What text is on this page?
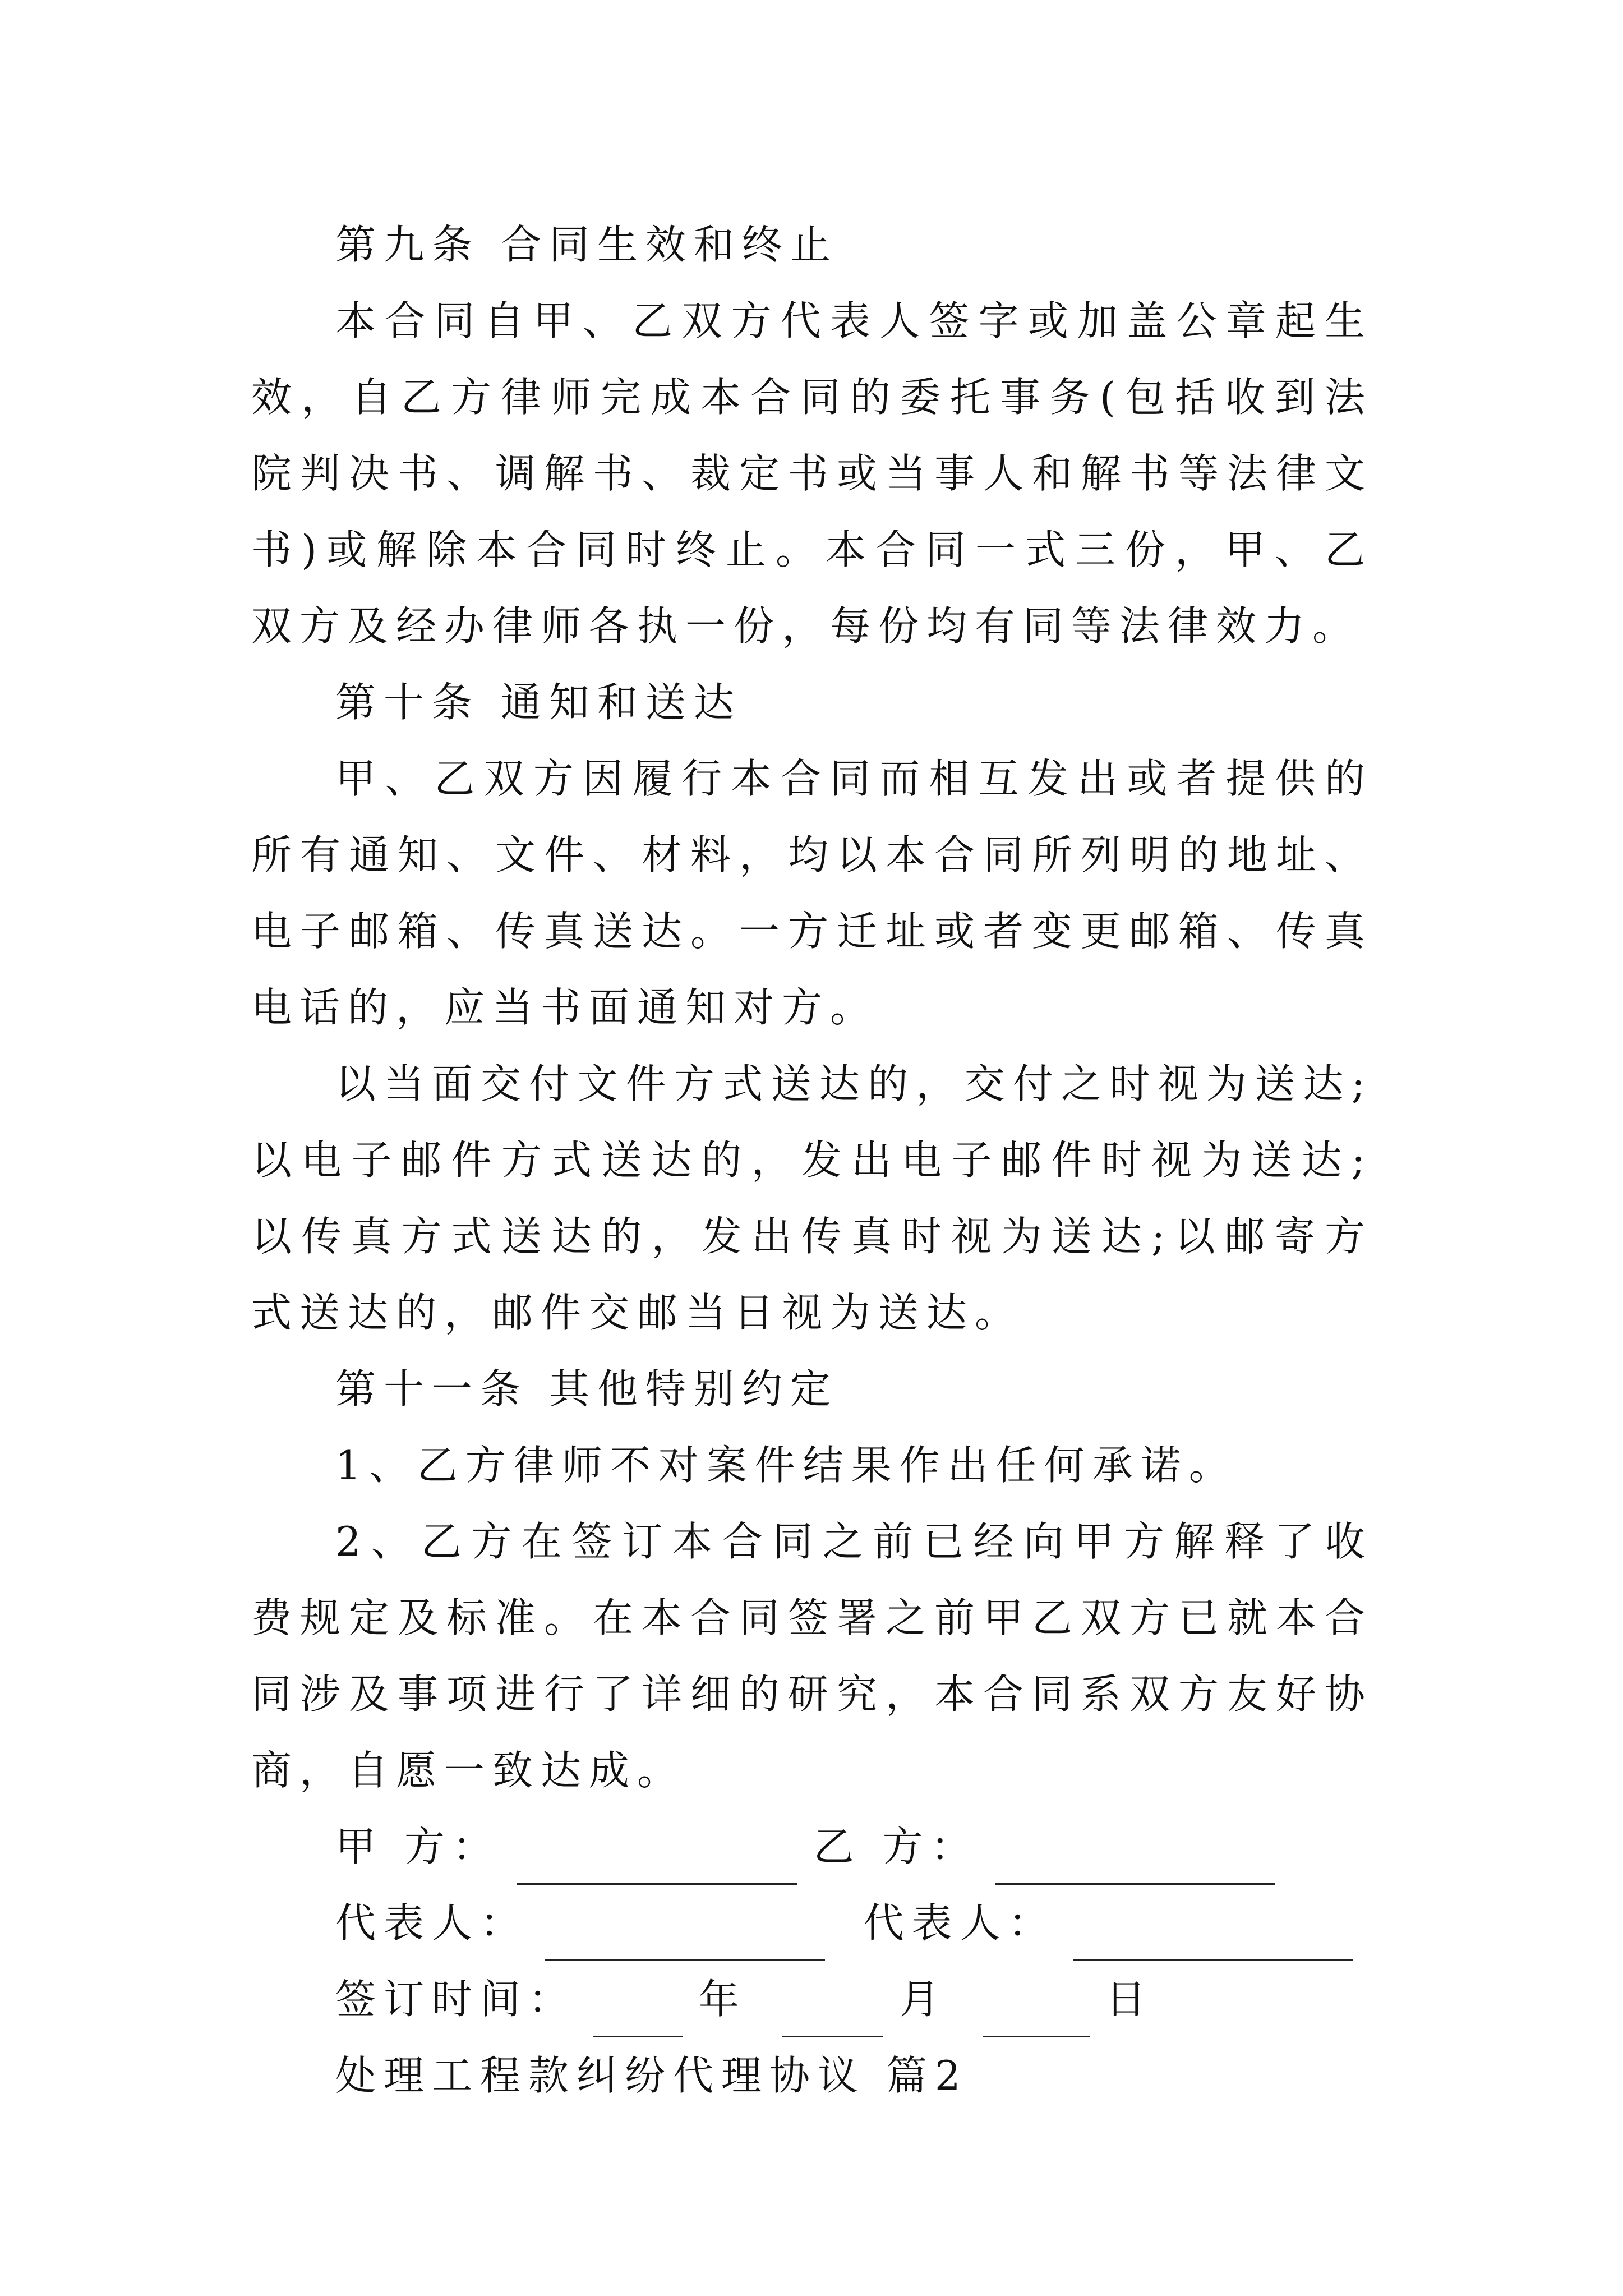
第九条 合同生效和终止
本合同自甲、乙双方代表人签字或加盖公章起生效，自乙方律师完成本合同的委托事务(包括收到法院判决书、调解书、裁定书或当事人和解书等法律文书)或解除本合同时终止。本合同一式三份，甲、乙双方及经办律师各执一份，每份均有同等法律效力。
第十条 通知和送达
甲、乙双方因履行本合同而相互发出或者提供的所有通知、文件、材料，均以本合同所列明的地址、电子邮箱、传真送达。一方迁址或者变更邮箱、传真电话的，应当书面通知对方。
以当面交付文件方式送达的，交付之时视为送达;以电子邮件方式送达的，发出电子邮件时视为送达;以传真方式送达的，发出传真时视为送达;以邮寄方式送达的，邮件交邮当日视为送达。
第十一条 其他特别约定
1、乙方律师不对案件结果作出任何承诺。
2、乙方在签订本合同之前已经向甲方解释了收费规定及标准。在本合同签署之前甲乙双方已就本合同涉及事项进行了详细的研究，本合同系双方友好协商，自愿一致达成。
甲 方：	乙 方：
代表人：	代表人：
签订时间：	年	月	日
处理工程款纠纷代理协议 篇2
